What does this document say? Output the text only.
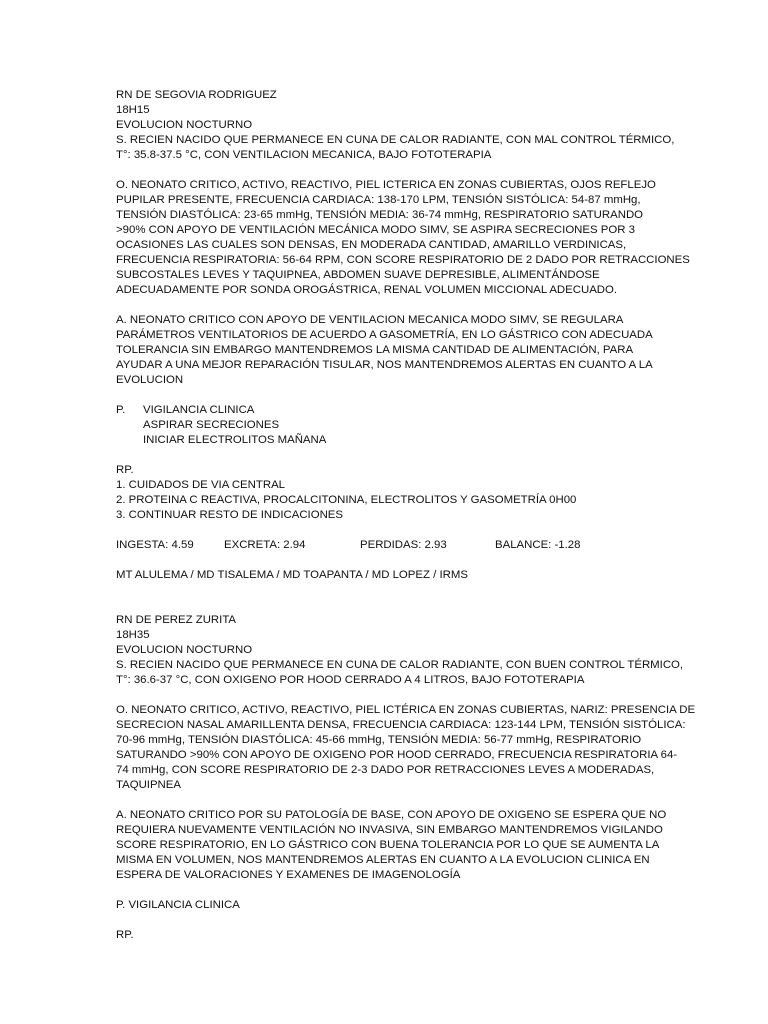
RN DE SEGOVIA RODRIGUEZ
18H15
EVOLUCION NOCTURNO
S. RECIEN NACIDO QUE PERMANECE EN CUNA DE CALOR RADIANTE, CON MAL CONTROL TÉRMICO,
T°: 35.8-37.5 °C, CON VENTILACION MECANICA, BAJO FOTOTERAPIA
O. NEONATO CRITICO, ACTIVO, REACTIVO, PIEL ICTERICA EN ZONAS CUBIERTAS, OJOS REFLEJO
PUPILAR PRESENTE, FRECUENCIA CARDIACA: 138-170 LPM, TENSIÓN SISTÓLICA: 54-87 mmHg,
TENSIÓN DIASTÓLICA: 23-65 mmHg, TENSIÓN MEDIA: 36-74 mmHg, RESPIRATORIO SATURANDO
>90% CON APOYO DE VENTILACIÓN MECÁNICA MODO SIMV, SE ASPIRA SECRECIONES POR 3
OCASIONES LAS CUALES SON DENSAS, EN MODERADA CANTIDAD, AMARILLO VERDINICAS,
FRECUENCIA RESPIRATORIA: 56-64 RPM, CON SCORE RESPIRATORIO DE 2 DADO POR RETRACCIONES
SUBCOSTALES LEVES Y TAQUIPNEA, ABDOMEN SUAVE DEPRESIBLE, ALIMENTÁNDOSE
ADECUADAMENTE POR SONDA OROGÁSTRICA, RENAL VOLUMEN MICCIONAL ADECUADO.
A. NEONATO CRITICO CON APOYO DE VENTILACION MECANICA MODO SIMV, SE REGULARA
PARÁMETROS VENTILATORIOS DE ACUERDO A GASOMETRÍA, EN LO GÁSTRICO CON ADECUADA
TOLERANCIA SIN EMBARGO MANTENDREMOS LA MISMA CANTIDAD DE ALIMENTACIÓN, PARA
AYUDAR A UNA MEJOR REPARACIÓN TISULAR, NOS MANTENDREMOS ALERTAS EN CUANTO A LA
EVOLUCION
P.	VIGILANCIA CLINICA
ASPIRAR SECRECIONES
INICIAR ELECTROLITOS MAÑANA
RP.
1. CUIDADOS DE VIA CENTRAL
2. PROTEINA C REACTIVA, PROCALCITONINA, ELECTROLITOS Y GASOMETRÍA 0H00
3. CONTINUAR RESTO DE INDICACIONES
INGESTA: 4.59	EXCRETA: 2.94	PERDIDAS: 2.93	BALANCE: -1.28
MT ALULEMA / MD TISALEMA / MD TOAPANTA / MD LOPEZ / IRMS
RN DE PEREZ ZURITA
18H35
EVOLUCION NOCTURNO
S. RECIEN NACIDO QUE PERMANECE EN CUNA DE CALOR RADIANTE, CON BUEN CONTROL TÉRMICO,
T°: 36.6-37 °C, CON OXIGENO POR HOOD CERRADO A 4 LITROS, BAJO FOTOTERAPIA
O. NEONATO CRITICO, ACTIVO, REACTIVO, PIEL ICTÉRICA EN ZONAS CUBIERTAS, NARIZ: PRESENCIA DE
SECRECION NASAL AMARILLENTA DENSA, FRECUENCIA CARDIACA: 123-144 LPM, TENSIÓN SISTÓLICA:
70-96 mmHg, TENSIÓN DIASTÓLICA: 45-66 mmHg, TENSIÓN MEDIA: 56-77 mmHg, RESPIRATORIO
SATURANDO >90% CON APOYO DE OXIGENO POR HOOD CERRADO, FRECUENCIA RESPIRATORIA 64-
74 mmHg, CON SCORE RESPIRATORIO DE 2-3 DADO POR RETRACCIONES LEVES A MODERADAS,
TAQUIPNEA
A. NEONATO CRITICO POR SU PATOLOGÍA DE BASE, CON APOYO DE OXIGENO SE ESPERA QUE NO
REQUIERA NUEVAMENTE VENTILACIÓN NO INVASIVA, SIN EMBARGO MANTENDREMOS VIGILANDO
SCORE RESPIRATORIO, EN LO GÁSTRICO CON BUENA TOLERANCIA POR LO QUE SE AUMENTA LA
MISMA EN VOLUMEN, NOS MANTENDREMOS ALERTAS EN CUANTO A LA EVOLUCION CLINICA EN
ESPERA DE VALORACIONES Y EXAMENES DE IMAGENOLOGÍA
P. VIGILANCIA CLINICA
RP.
